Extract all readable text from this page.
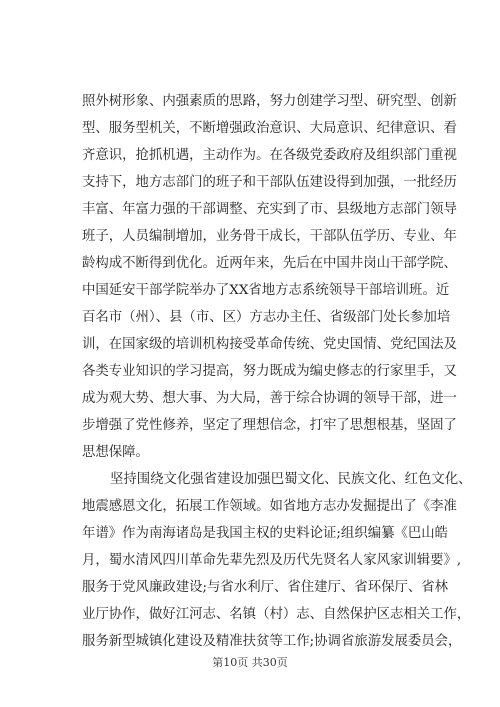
照外树形象、内强素质的思路，努力创建学习型、研究型、创新
型、服务型机关，不断增强政治意识、大局意识、纪律意识、看
齐意识，抢抓机遇，主动作为。在各级党委政府及组织部门重视
支持下，地方志部门的班子和干部队伍建设得到加强，一批经历
丰富、年富力强的干部调整、充实到了市、县级地方志部门领导
班子，人员编制增加，业务骨干成长，干部队伍学历、专业、年
龄构成不断得到优化。近两年来，先后在中国井岗山干部学院、
中国延安干部学院举办了XX省地方志系统领导干部培训班。近
百名市（州）、县（市、区）方志办主任、省级部门处长参加培
训，在国家级的培训机构接受革命传统、党史国情、党纪国法及
各类专业知识的学习提高，努力既成为编史修志的行家里手，又
成为观大势、想大事、为大局，善于综合协调的领导干部，进一
步增强了党性修养，坚定了理想信念，打牢了思想根基，坚固了
思想保障。
坚持围绕文化强省建设加强巴蜀文化、民族文化、红色文化、
地震感恩文化，拓展工作领域。如省地方志办发掘提出了《李准
年谱》作为南海诸岛是我国主权的史料论证;组织编纂《巴山皓
月，蜀水清风四川革命先辈先烈及历代先贤名人家风家训辑要》,
服务于党风廉政建设;与省水利厅、省住建厅、省环保厅、省林
业厅协作，做好江河志、名镇（村）志、自然保护区志相关工作，
服务新型城镇化建设及精准扶贫等工作;协调省旅游发展委员会，
第10页 共30页
